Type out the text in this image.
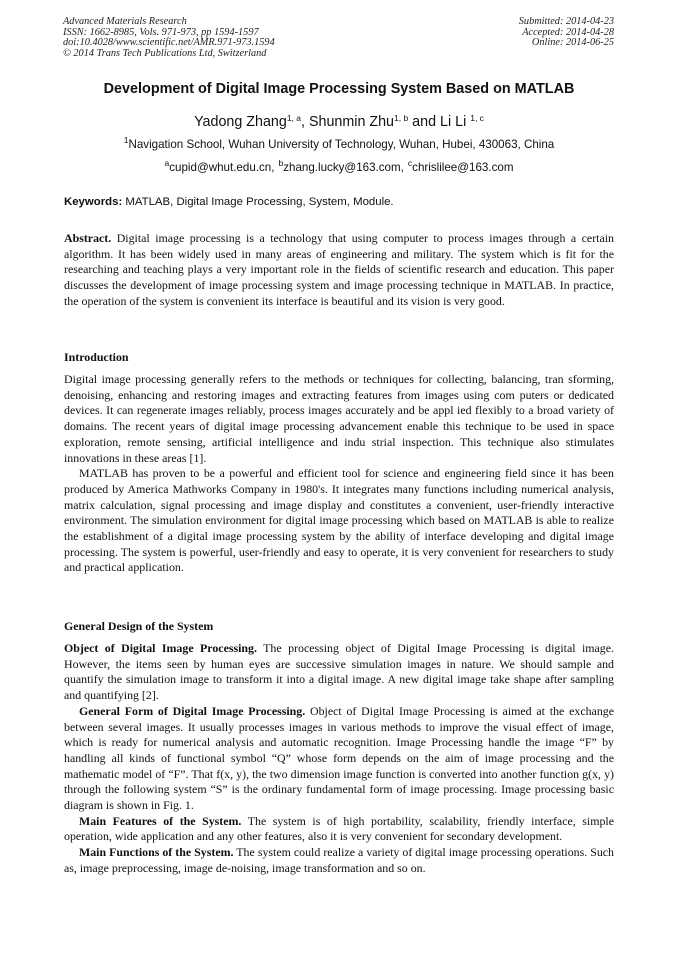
Advanced Materials Research
ISSN: 1662-8985, Vols. 971-973, pp 1594-1597
doi:10.4028/www.scientific.net/AMR.971-973.1594
© 2014 Trans Tech Publications Ltd, Switzerland
Submitted: 2014-04-23
Accepted: 2014-04-28
Online: 2014-06-25
Development of Digital Image Processing System Based on MATLAB
Yadong Zhang$^{1, a}$, Shunmin Zhu$^{1, b}$ and Li Li $^{1, c}$
$^1$Navigation School, Wuhan University of Technology, Wuhan, Hubei, 430063, China
$^a$cupid@whut.edu.cn, $^b$zhang.lucky@163.com, $^c$chrislilee@163.com
Keywords: MATLAB, Digital Image Processing, System, Module.

Abstract. Digital image processing is a technology that using computer to process images through a certain algorithm. It has been widely used in many areas of engineering and military. The system which is fit for the researching and teaching plays a very important role in the fields of scientific research and education. This paper discusses the development of image processing system and image processing technique in MATLAB. In practice, the operation of the system is convenient its interface is beautiful and its vision is very good.

Introduction

Digital image processing generally refers to the methods or techniques for collecting, balancing, tran sforming, denoising, enhancing and restoring images and extracting features from images using com puters or dedicated devices. It can regenerate images reliably, process images accurately and be appl ied flexibly to a broad variety of domains. The recent years of digital image processing advancement enable this technique to be used in space exploration, remote sensing, artificial intelligence and indu strial inspection. This technique also stimulates innovations in these areas [1].

MATLAB has proven to be a powerful and efficient tool for science and engineering field since it has been produced by America Mathworks Company in 1980's. It integrates many functions including numerical analysis, matrix calculation, signal processing and image display and constitutes a convenient, user-friendly interactive environment. The simulation environment for digital image processing which based on MATLAB is able to realize the establishment of a digital image processing system by the ability of interface developing and digital image processing. The system is powerful, user-friendly and easy to operate, it is very convenient for researchers to study and practical application.

General Design of the System

Object of Digital Image Processing. The processing object of Digital Image Processing is digital image. However, the items seen by human eyes are successive simulation images in nature. We should sample and quantify the simulation image to transform it into a digital image. A new digital image take shape after sampling and quantifying [2].

General Form of Digital Image Processing. Object of Digital Image Processing is aimed at the exchange between several images. It usually processes images in various methods to improve the visual effect of image, which is ready for numerical analysis and automatic recognition. Image Processing handle the image “F” by handling all kinds of functional symbol “Q” whose form depends on the aim of image processing and the mathematic model of “F”. That f(x, y), the two dimension image function is converted into another function g(x, y) through the following system “S” is the ordinary fundamental form of image processing. Image processing basic diagram is shown in Fig. 1.

Main Features of the System. The system is of high portability, scalability, friendly interface, simple operation, wide application and any other features, also it is very convenient for secondary development.

Main Functions of the System. The system could realize a variety of digital image processing operations. Such as, image preprocessing, image de-noising, image transformation and so on.
